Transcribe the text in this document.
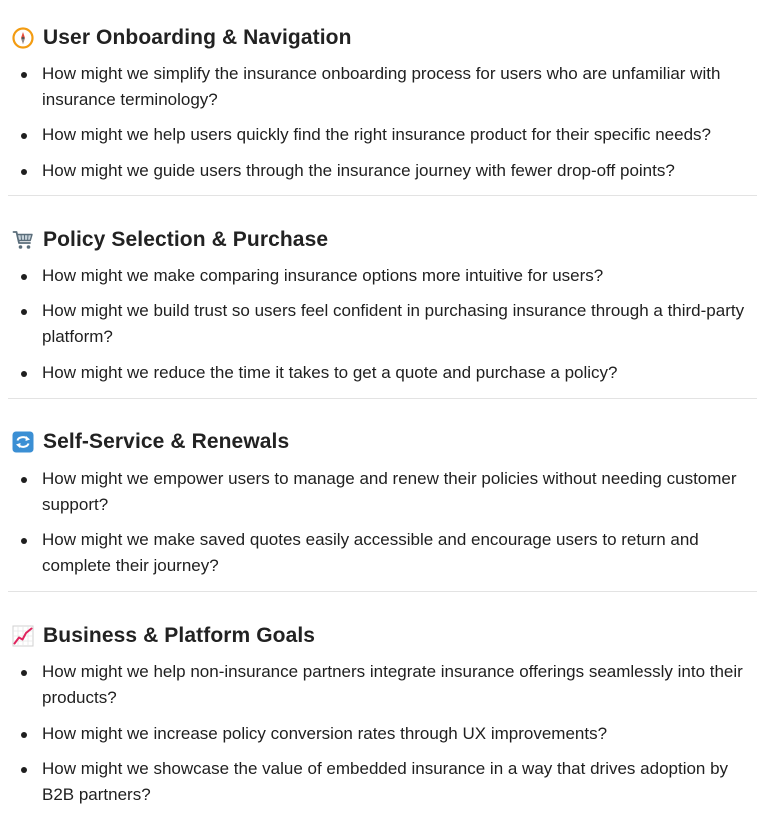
User Onboarding & Navigation
How might we simplify the insurance onboarding process for users who are unfamiliar with insurance terminology?
How might we help users quickly find the right insurance product for their specific needs?
How might we guide users through the insurance journey with fewer drop-off points?
Policy Selection & Purchase
How might we make comparing insurance options more intuitive for users?
How might we build trust so users feel confident in purchasing insurance through a third-party platform?
How might we reduce the time it takes to get a quote and purchase a policy?
Self-Service & Renewals
How might we empower users to manage and renew their policies without needing customer support?
How might we make saved quotes easily accessible and encourage users to return and complete their journey?
Business & Platform Goals
How might we help non-insurance partners integrate insurance offerings seamlessly into their products?
How might we increase policy conversion rates through UX improvements?
How might we showcase the value of embedded insurance in a way that drives adoption by B2B partners?
